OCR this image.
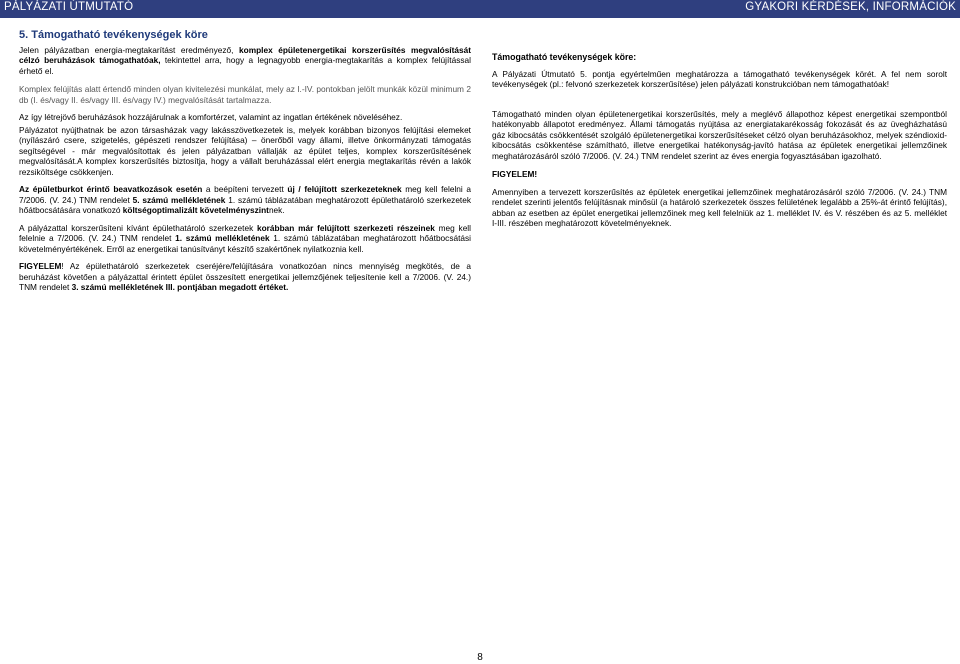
PÁLYÁZATI ÚTMUTATÓ	GYAKORI KÉRDÉSEK, INFORMÁCIÓK
5. Támogatható tevékenységek köre

Jelen pályázatban energia-megtakarítást eredményező, komplex épületenergetikai korszerűsítés megvalósítását célzó beruházások támogathatóak, tekintettel arra, hogy a legnagyobb energia-megtakarítás a komplex felújítással érhető el.

Komplex felújítás alatt értendő minden olyan kivitelezési munkálat, mely az I.-IV. pontokban jelölt munkák közül minimum 2 db (I. és/vagy II. és/vagy III. és/vagy IV.) megvalósítását tartalmazza.

Az így létrejövő beruházások hozzájárulnak a komfortérzet, valamint az ingatlan értékének növeléséhez.

Pályázatot nyújthatnak be azon társasházak vagy lakásszövetkezetek is, melyek korábban bizonyos felújítási elemeket (nyílászáró csere, szigetelés, gépészeti rendszer felújítása) – önerőből vagy állami, illetve önkormányzati támogatás segítségével - már megvalósítottak és jelen pályázatban vállalják az épület teljes, komplex korszerűsítésének megvalósítását.A komplex korszerűsítés biztosítja, hogy a vállalt beruházással elért energia megtakarítás révén a lakók rezsiköltsége csökkenjen.

Az épületburkot érintő beavatkozások esetén a beépíteni tervezett új / felújított szerkezeteknek meg kell felelni a 7/2006. (V. 24.) TNM rendelet 5. számú mellékletének 1. számú táblázatában meghatározott épülethatároló szerkezetek hőátbocsátására vonatkozó költségoptimalizált követelményszintnek.

A pályázattal korszerűsíteni kívánt épülethatároló szerkezetek korábban már felújított szerkezeti részeinek meg kell felelnie a 7/2006. (V. 24.) TNM rendelet 1. számú mellékletének 1. számú táblázatában meghatározott hőátbocsátási követelményértékének. Erről az energetikai tanúsítványt készítő szakértőnek nyilatkoznia kell.

FIGYELEM! Az épülethatároló szerkezetek cseréjére/felújítására vonatkozóan nincs mennyiség megkötés, de a beruházást követően a pályázattal érintett épület összesített energetikai jellemzőjének teljesítenie kell a 7/2006. (V. 24.) TNM rendelet 3. számú mellékletének III. pontjában megadott értéket.

Támogatható tevékenységek köre:

A Pályázati Útmutató 5. pontja egyértelműen meghatározza a támogatható tevékenységek körét. A fel nem sorolt tevékenységek (pl.: felvonó szerkezetek korszerűsítése) jelen pályázati konstrukcióban nem támogathatóak!

Támogatható minden olyan épületenergetikai korszerűsítés, mely a meglévő állapothoz képest energetikai szempontból hatékonyabb állapotot eredményez. Állami támogatás nyújtása az energiatakarékosság fokozását és az üvegházhatású gáz kibocsátás csökkentését szolgáló épületenergetikai korszerűsítéseket célzó olyan beruházásokhoz, melyek széndioxid-kibocsátás csökkentése számítható, illetve energetikai hatékonyság-javító hatása az épületek energetikai jellemzőinek meghatározásáról szóló 7/2006. (V. 24.) TNM rendelet szerint az éves energia fogyasztásában igazolható.

FIGYELEM!

Amennyiben a tervezett korszerűsítés az épületek energetikai jellemzőinek meghatározásáról szóló 7/2006. (V. 24.) TNM rendelet szerinti jelentős felújításnak minősül (a határoló szerkezetek összes felületének legalább a 25%-át érintő felújítás), abban az esetben az épület energetikai jellemzőinek meg kell felelniük az 1. melléklet IV. és V. részében és az 5. melléklet I-III. részében meghatározott követelményeknek.

8
